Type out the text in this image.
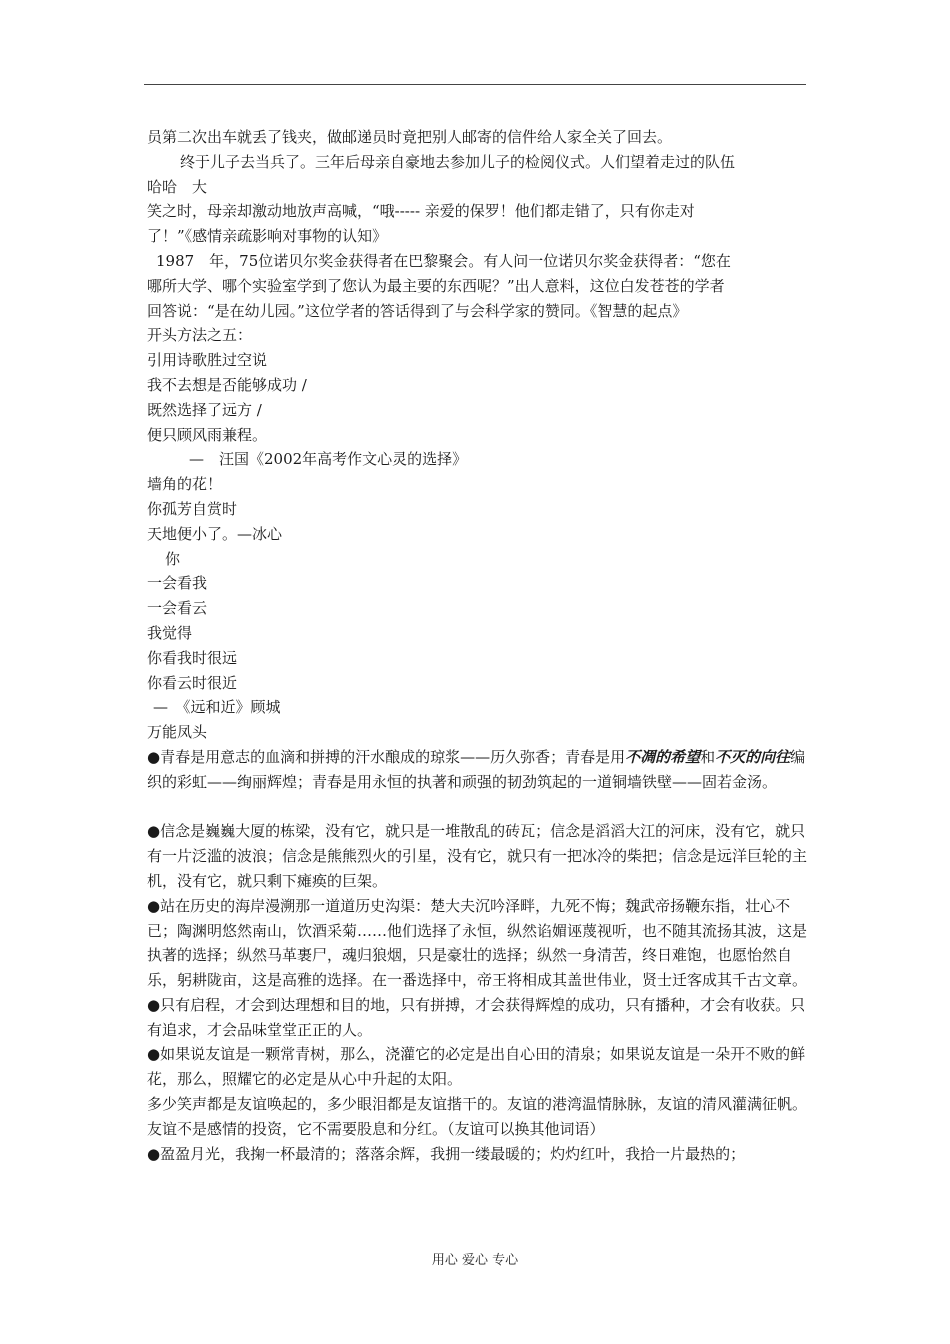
员第二次出车就丢了钱夹，做邮递员时竟把别人邮寄的信件给人家全关了回去。
终于儿子去当兵了。三年后母亲自豪地去参加儿子的检阅仪式。人们望着走过的队伍
哈哈　大
笑之时，母亲却激动地放声高喊，“哦----- 亲爱的保罗！他们都走错了，只有你走对
了！”《感情亲疏影响对事物的认知》
1987　年，75位诺贝尔奖金获得者在巴黎聚会。有人问一位诺贝尔奖金获得者：“您在
哪所大学、哪个实验室学到了您认为最主要的东西呢？”出人意料，这位白发苍苍的学者
回答说：“是在幼儿园。”这位学者的答话得到了与会科学家的赞同。《智慧的起点》
开头方法之五：
引用诗歌胜过空说
我不去想是否能够成功 /
既然选择了远方 /
便只顾风雨兼程。
—　汪国《2002年高考作文心灵的选择》
墙角的花！
你孤芳自赏时
天地便小了。—冰心
你
一会看我
一会看云
我觉得
你看我时很远
你看云时很近
—　《远和近》顾城
万能凤头
●青春是用意志的血滴和拼搏的汗水酿成的琼浆——历久弥香；青春是用不凋的希望和不灭的向往编织的彩虹——绚丽辉煌；青春是用永恒的执著和顽强的韧劲筑起的一道铜墙铁壁——固若金汤。
●信念是巍巍大厦的栋梁，没有它，就只是一堆散乱的砖瓦；信念是滔滔大江的河床，没有它，就只有一片泛滥的波浪；信念是熊熊烈火的引星，没有它，就只有一把冰冷的柴把；信念是远洋巨轮的主机，没有它，就只剩下瘫痪的巨架。
●站在历史的海岸漫溯那一道道历史沟渠：楚大夫沉吟泽畔，九死不悔；魏武帝扬鞭东指，壮心不已；陶渊明悠然南山，饮酒采菊……他们选择了永恒，纵然谄媚诬蔑视听，也不随其流扬其波，这是执著的选择；纵然马革裹尸，魂归狼烟，只是豪壮的选择；纵然一身清苦，终日难饱，也愿怡然自乐，躬耕陇亩，这是高雅的选择。在一番选择中，帝王将相成其盖世伟业，贤士迁客成其千古文章。
●只有启程，才会到达理想和目的地，只有拼搏，才会获得辉煌的成功，只有播种，才会有收获。只有追求，才会品味堂堂正正的人。
●如果说友谊是一颗常青树，那么，浇灌它的必定是出自心田的清泉；如果说友谊是一朵开不败的鲜花，那么，照耀它的必定是从心中升起的太阳。
多少笑声都是友谊唤起的，多少眼泪都是友谊揩干的。友谊的港湾温情脉脉，友谊的清风灌满征帆。友谊不是感情的投资，它不需要股息和分红。（友谊可以换其他词语）
●盈盈月光，我掬一杯最清的；落落余辉，我拥一缕最暖的；灼灼红叶，我拾一片最热的；
用心 爱心 专心
